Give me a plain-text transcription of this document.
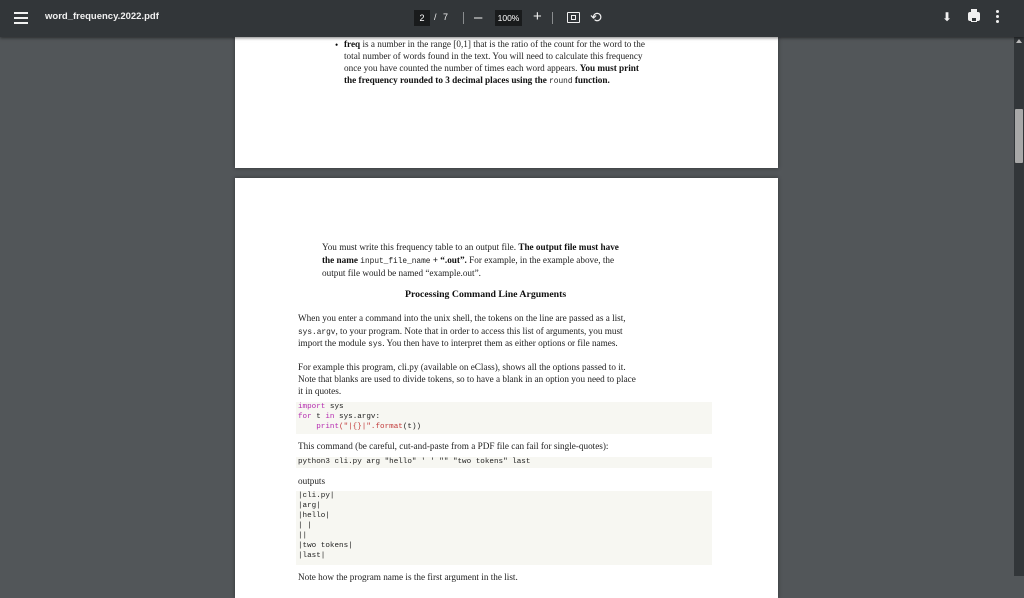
word_frequency.2022.pdf	2	/ 7 –	100% +	⟲	⬇
• freq is a number in the range [0,1] that is the ratio of the count for the word to the
total number of words found in the text. You will need to calculate this frequency
once you have counted the number of times each word appears. You must print
the frequency rounded to 3 decimal places using the round function.
You must write this frequency table to an output file. The output file must have
the name input_file_name + “.out”. For example, in the example above, the
output file would be named “example.out”.
Processing Command Line Arguments
When you enter a command into the unix shell, the tokens on the line are passed as a list,
sys.argv, to your program. Note that in order to access this list of arguments, you must
import the module sys. You then have to interpret them as either options or file names.
For example this program, cli.py (available on eClass), shows all the options passed to it.
Note that blanks are used to divide tokens, so to have a blank in an option you need to place
it in quotes.
import sys
for t in sys.argv:
print("|{}|".format(t))
This command (be careful, cut-and-paste from a PDF file can fail for single-quotes):
python3 cli.py arg "hello" ' ' "" "two tokens" last
outputs
|cli.py|
|arg|
|hello|
| |
||
|two tokens|
|last|
Note how the program name is the first argument in the list.
